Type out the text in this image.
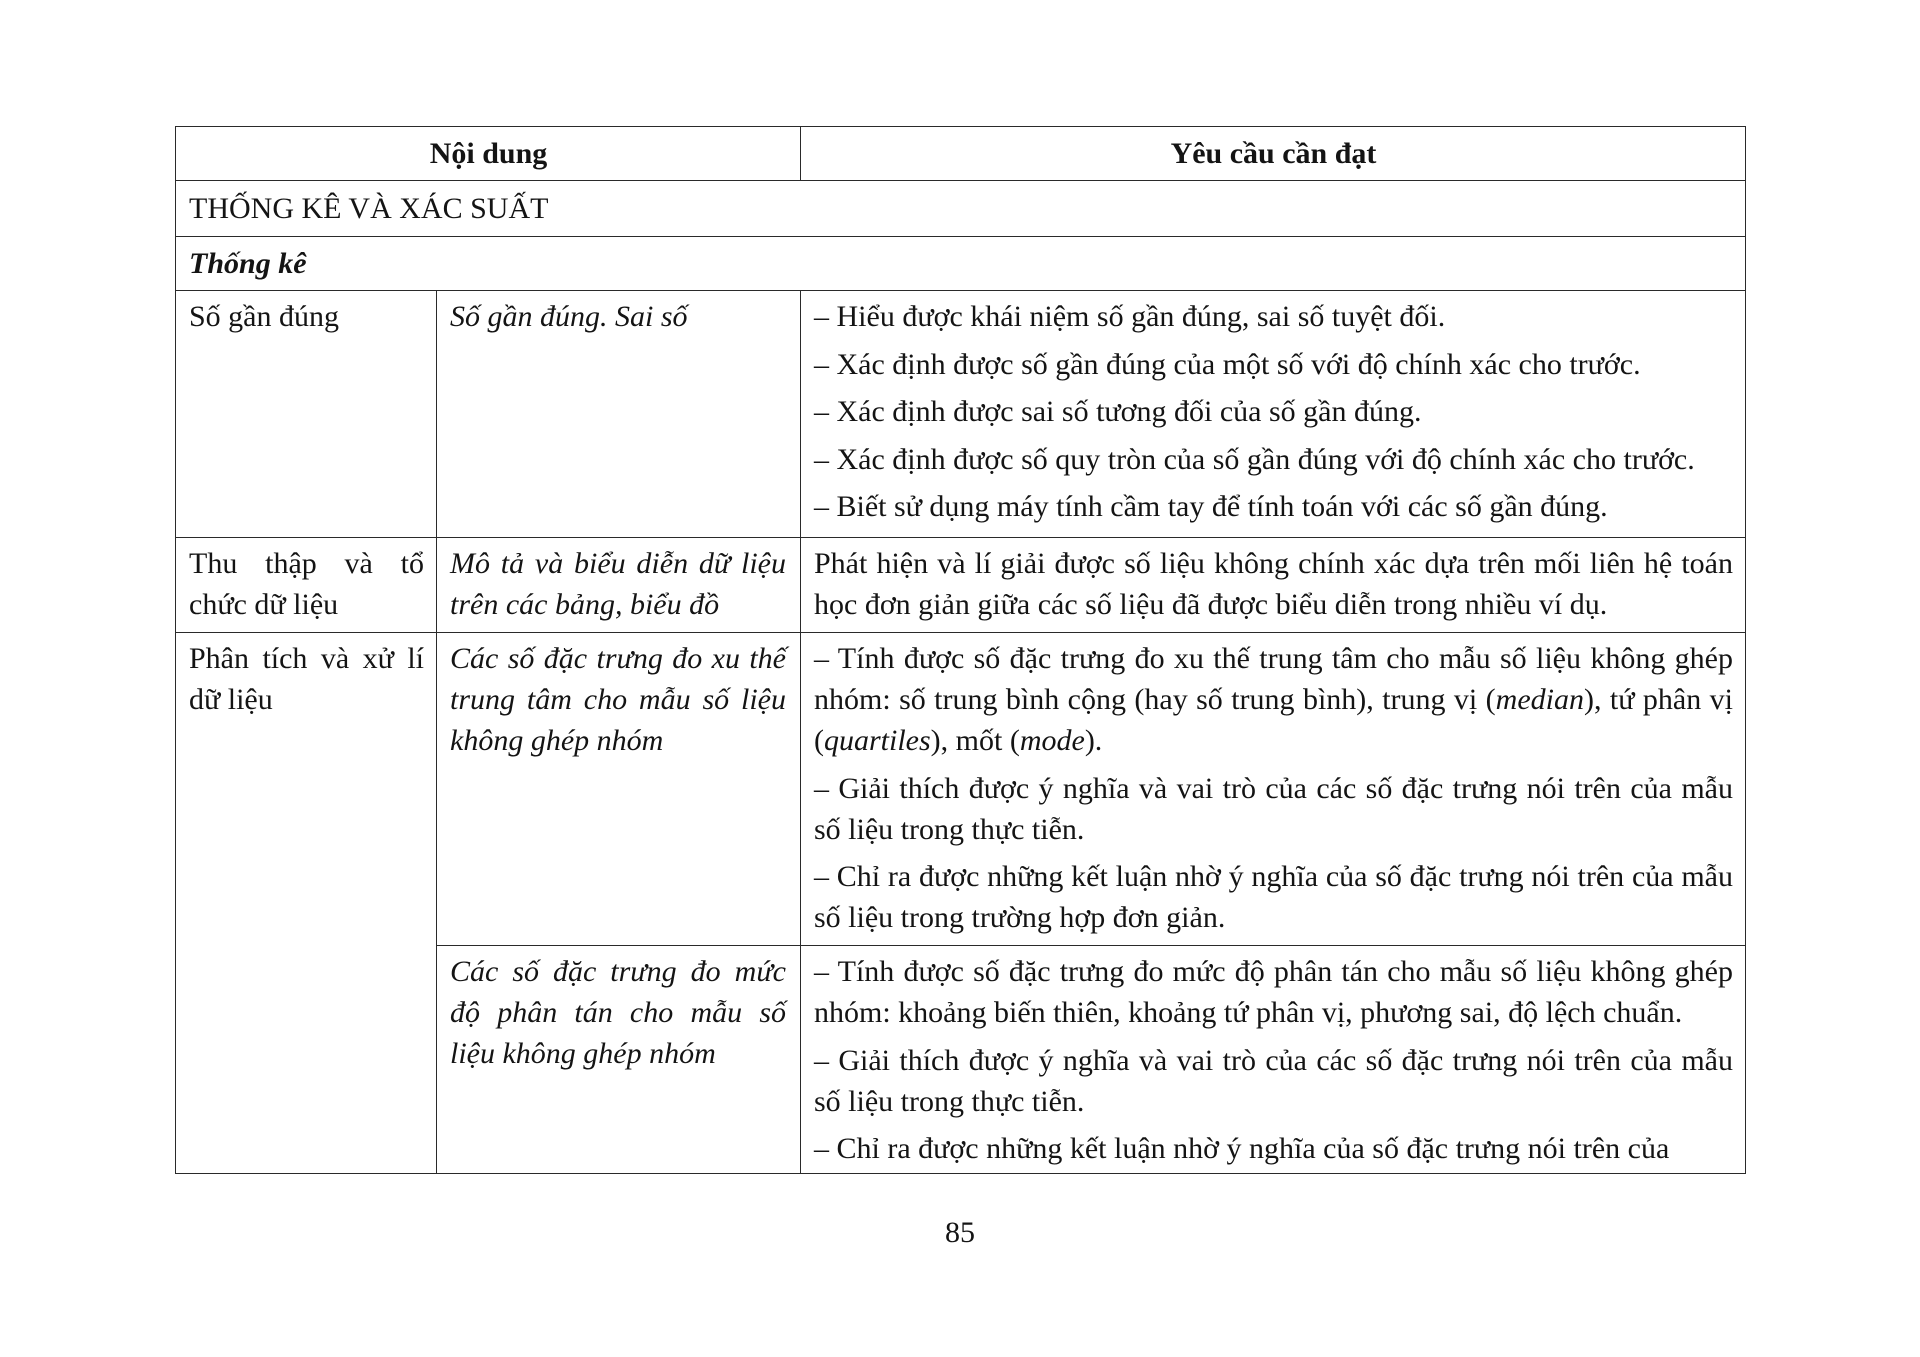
Nội dung		Yêu cầu cần đạt
THỐNG KÊ VÀ XÁC SUẤT		
Thống kê		
Số gần đúng	Số gần đúng. Sai số	– Hiểu được khái niệm số gần đúng, sai số tuyệt đối.

– Xác định được số gần đúng của một số với độ chính xác cho trước.

– Xác định được sai số tương đối của số gần đúng.

– Xác định được số quy tròn của số gần đúng với độ chính xác cho trước.

– Biết sử dụng máy tính cầm tay để tính toán với các số gần đúng.

Thu thập và tổ chức dữ liệu	Mô tả và biểu diễn dữ liệu trên các bảng, biểu đồ	Phát hiện và lí giải được số liệu không chính xác dựa trên mối liên hệ toán học đơn giản giữa các số liệu đã được biểu diễn trong nhiều ví dụ.

Phân tích và xử lí dữ liệu	Các số đặc trưng đo xu thế trung tâm cho mẫu số liệu không ghép nhóm	– Tính được số đặc trưng đo xu thế trung tâm cho mẫu số liệu không ghép nhóm: số trung bình cộng (hay số trung bình), trung vị (median), tứ phân vị (quartiles), mốt (mode).

– Giải thích được ý nghĩa và vai trò của các số đặc trưng nói trên của mẫu số liệu trong thực tiễn.

– Chỉ ra được những kết luận nhờ ý nghĩa của số đặc trưng nói trên của mẫu số liệu trong trường hợp đơn giản.

	Các số đặc trưng đo mức độ phân tán cho mẫu số liệu không ghép nhóm	– Tính được số đặc trưng đo mức độ phân tán cho mẫu số liệu không ghép nhóm: khoảng biến thiên, khoảng tứ phân vị, phương sai, độ lệch chuẩn.

– Giải thích được ý nghĩa và vai trò của các số đặc trưng nói trên của mẫu số liệu trong thực tiễn.

– Chỉ ra được những kết luận nhờ ý nghĩa của số đặc trưng nói trên của

85
